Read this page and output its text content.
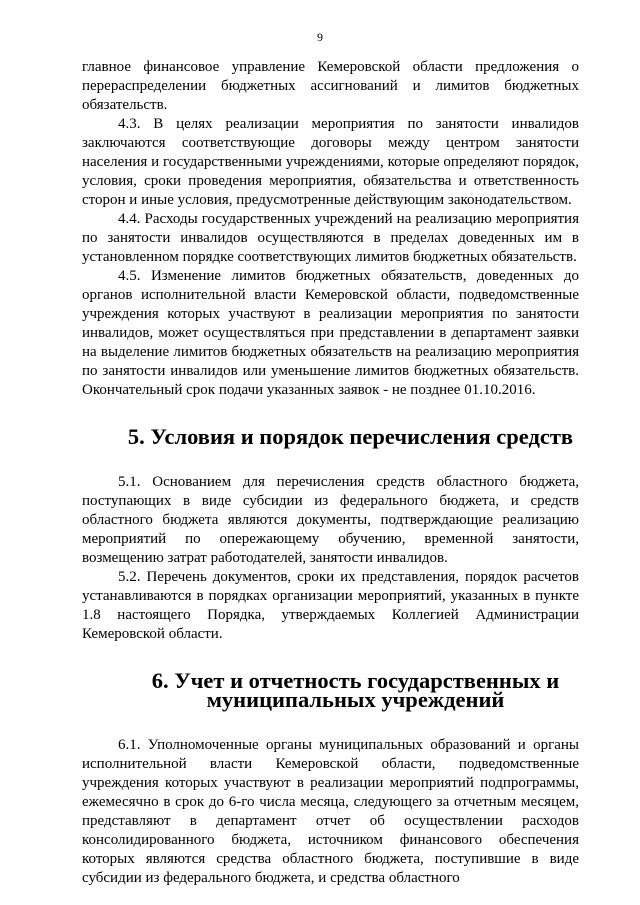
9

главное финансовое управление Кемеровской области предложения о перераспределении бюджетных ассигнований и лимитов бюджетных обязательств.

4.3. В целях реализации мероприятия по занятости инвалидов заключаются соответствующие договоры между центром занятости населения и государственными учреждениями, которые определяют порядок, условия, сроки проведения мероприятия, обязательства и ответственность сторон и иные условия, предусмотренные действующим законодательством.

4.4. Расходы государственных учреждений на реализацию мероприятия по занятости инвалидов осуществляются в пределах доведенных им в установленном порядке соответствующих лимитов бюджетных обязательств.

4.5. Изменение лимитов бюджетных обязательств, доведенных до органов исполнительной власти Кемеровской области, подведомственные учреждения которых участвуют в реализации мероприятия по занятости инвалидов, может осуществляться при представлении в департамент заявки на выделение лимитов бюджетных обязательств на реализацию мероприятия по занятости инвалидов или уменьшение лимитов бюджетных обязательств. Окончательный срок подачи указанных заявок - не позднее 01.10.2016.

5. Условия и порядок перечисления средств

5.1. Основанием для перечисления средств областного бюджета, поступающих в виде субсидии из федерального бюджета, и средств областного бюджета являются документы, подтверждающие реализацию мероприятий по опережающему обучению, временной занятости, возмещению затрат работодателей, занятости инвалидов.

5.2. Перечень документов, сроки их представления, порядок расчетов устанавливаются в порядках организации мероприятий, указанных в пункте 1.8 настоящего Порядка, утверждаемых Коллегией Администрации Кемеровской области.

6. Учет и отчетность государственных и муниципальных учреждений

6.1. Уполномоченные органы муниципальных образований и органы исполнительной власти Кемеровской области, подведомственные учреждения которых участвуют в реализации мероприятий подпрограммы, ежемесячно в срок до 6-го числа месяца, следующего за отчетным месяцем, представляют в департамент отчет об осуществлении расходов консолидированного бюджета, источником финансового обеспечения которых являются средства областного бюджета, поступившие в виде субсидии из федерального бюджета, и средства областного
